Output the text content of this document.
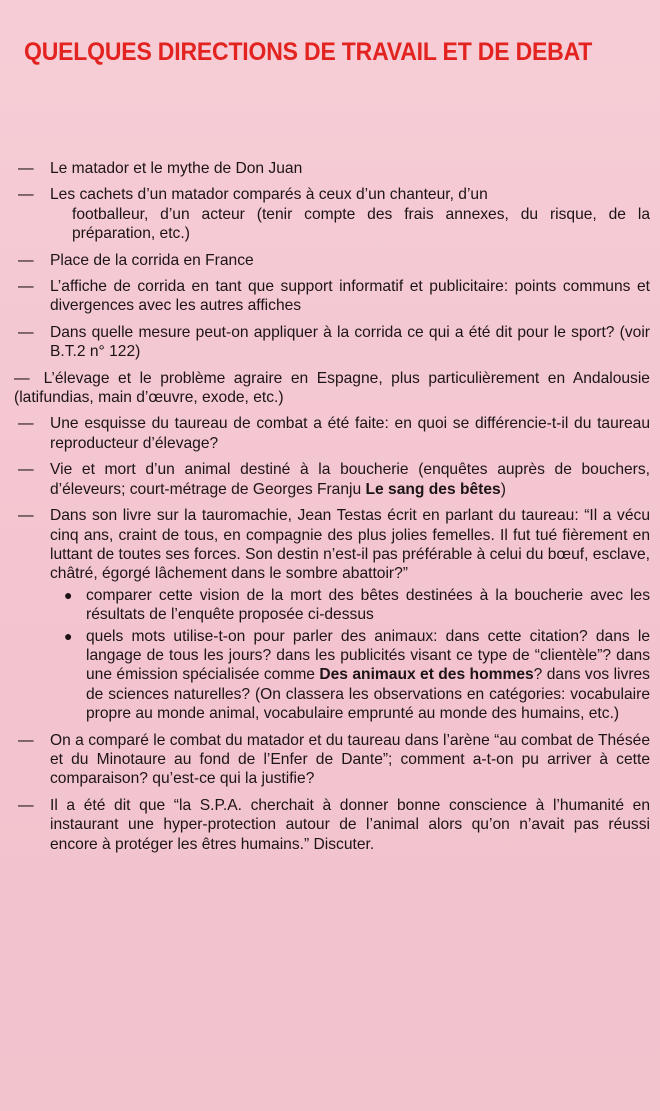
QUELQUES DIRECTIONS DE TRAVAIL ET DE DEBAT
— Le matador et le mythe de Don Juan
— Les cachets d’un matador comparés à ceux d’un chanteur, d’un
footballeur, d’un acteur (tenir compte des frais annexes, du risque, de la préparation, etc.)
— Place de la corrida en France
— L’affiche de corrida en tant que support informatif et publicitaire: points communs et divergences avec les autres affiches
— Dans quelle mesure peut-on appliquer à la corrida ce qui a été dit pour le sport? (voir B.T.2 n° 122)
— L’élevage et le problème agraire en Espagne, plus particulièrement en Andalousie (latifundias, main d’œuvre, exode, etc.)
— Une esquisse du taureau de combat a été faite: en quoi se différencie-t-il du taureau reproducteur d’élevage?
— Vie et mort d’un animal destiné à la boucherie (enquêtes auprès de bouchers, d’éleveurs; court-métrage de Georges Franju Le sang des bêtes)
— Dans son livre sur la tauromachie, Jean Testas écrit en parlant du taureau: “Il a vécu cinq ans, craint de tous, en compagnie des plus jolies femelles. Il fut tué fièrement en luttant de toutes ses forces. Son destin n’est-il pas préférable à celui du bœuf, esclave, châtré, égorgé lâchement dans le sombre abattoir?”
● comparer cette vision de la mort des bêtes destinées à la boucherie avec les résultats de l’enquête proposée ci-dessus
● quels mots utilise-t-on pour parler des animaux: dans cette citation? dans le langage de tous les jours? dans les publicités visant ce type de “clientèle”? dans une émission spécialisée comme Des animaux et des hommes? dans vos livres de sciences naturelles? (On classera les observations en catégories: vocabulaire propre au monde animal, vocabulaire emprunté au monde des humains, etc.)
— On a comparé le combat du matador et du taureau dans l’arène “au combat de Thésée et du Minotaure au fond de l’Enfer de Dante”; comment a-t-on pu arriver à cette comparaison? qu’est-ce qui la justifie?
— Il a été dit que “la S.P.A. cherchait à donner bonne conscience à l’humanité en instaurant une hyper-protection autour de l’animal alors qu’on n’avait pas réussi encore à protéger les êtres humains.” Discuter.
